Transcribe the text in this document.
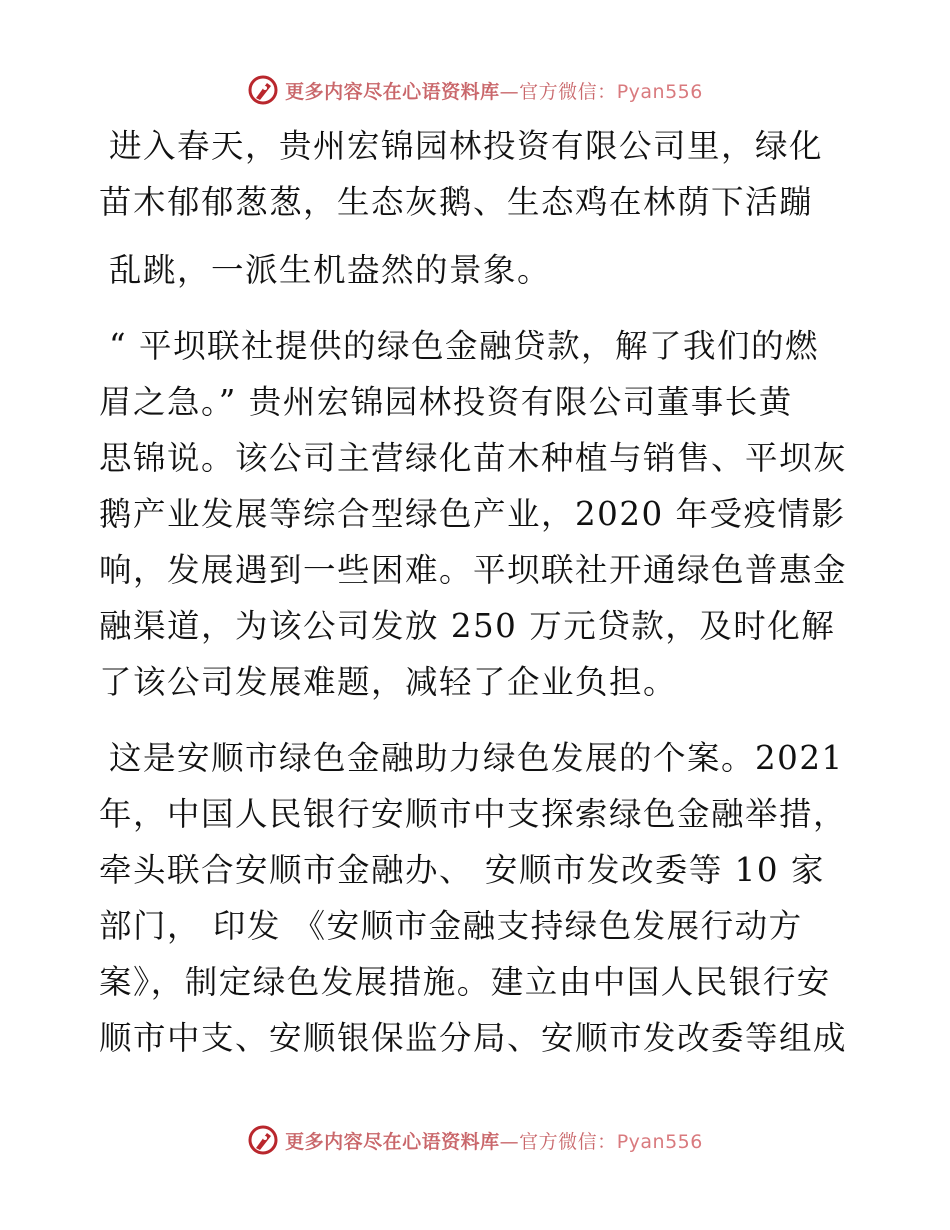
更多内容尽在心语资料库—官方微信：Pyan556
进入春天，贵州宏锦园林投资有限公司里，绿化
苗木郁郁葱葱，生态灰鹅、生态鸡在林荫下活蹦
乱跳，一派生机盎然的景象。
“ 平坝联社提供的绿色金融贷款，解了我们的燃
眉之急。” 贵州宏锦园林投资有限公司董事长黄
思锦说。该公司主营绿化苗木种植与销售、平坝灰
鹅产业发展等综合型绿色产业，2020 年受疫情影
响，发展遇到一些困难。平坝联社开通绿色普惠金
融渠道，为该公司发放 250 万元贷款，及时化解
了该公司发展难题，减轻了企业负担。
这是安顺市绿色金融助力绿色发展的个案。2021
年，中国人民银行安顺市中支探索绿色金融举措，
牵头联合安顺市金融办、 安顺市发改委等 10 家
部门， 印发 《安顺市金融支持绿色发展行动方
案》，制定绿色发展措施。建立由中国人民银行安
顺市中支、安顺银保监分局、安顺市发改委等组成
更多内容尽在心语资料库—官方微信：Pyan556
